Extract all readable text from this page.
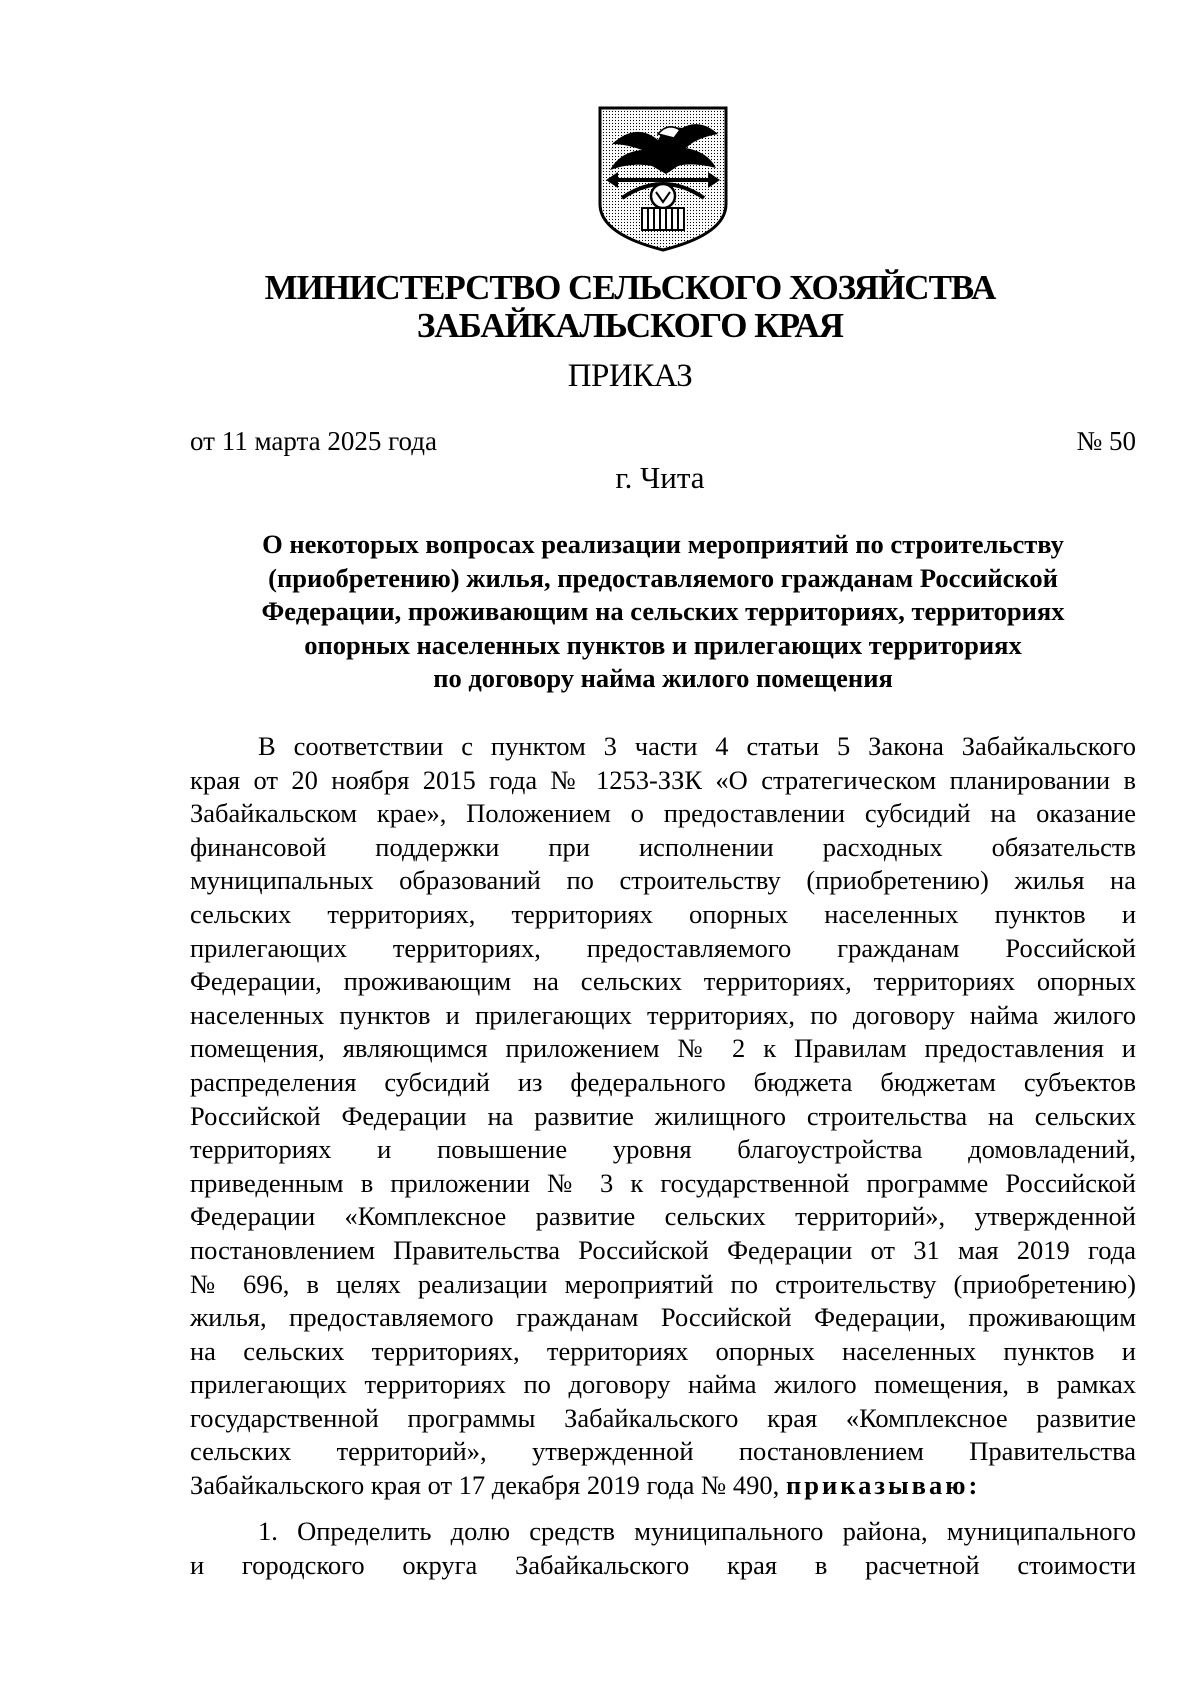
МИНИСТЕРСТВО СЕЛЬСКОГО ХОЗЯЙСТВА
ЗАБАЙКАЛЬСКОГО КРАЯ
ПРИКАЗ
от 11 марта 2025 года	№ 50
г. Чита
О некоторых вопросах реализации мероприятий по строительству
(приобретению) жилья, предоставляемого гражданам Российской
Федерации, проживающим на сельских территориях, территориях
опорных населенных пунктов и прилегающих территориях
по договору найма жилого помещения
В соответствии с пунктом 3 части 4 статьи 5 Закона Забайкальского
края от 20 ноября 2015 года № 1253-ЗЗК «О стратегическом планировании в
Забайкальском крае», Положением о предоставлении субсидий на оказание
финансовой поддержки при исполнении расходных обязательств
муниципальных образований по строительству (приобретению) жилья на
сельских территориях, территориях опорных населенных пунктов и
прилегающих территориях, предоставляемого гражданам Российской
Федерации, проживающим на сельских территориях, территориях опорных
населенных пунктов и прилегающих территориях, по договору найма жилого
помещения, являющимся приложением № 2 к Правилам предоставления и
распределения субсидий из федерального бюджета бюджетам субъектов
Российской Федерации на развитие жилищного строительства на сельских
территориях и повышение уровня благоустройства домовладений,
приведенным в приложении № 3 к государственной программе Российской
Федерации «Комплексное развитие сельских территорий», утвержденной
постановлением Правительства Российской Федерации от 31 мая 2019 года
№ 696, в целях реализации мероприятий по строительству (приобретению)
жилья, предоставляемого гражданам Российской Федерации, проживающим
на сельских территориях, территориях опорных населенных пунктов и
прилегающих территориях по договору найма жилого помещения, в рамках
государственной программы Забайкальского края «Комплексное развитие
сельских территорий», утвержденной постановлением Правительства
Забайкальского края от 17 декабря 2019 года № 490, приказываю:
1. Определить долю средств муниципального района, муниципального
и городского округа Забайкальского края в расчетной стоимости
